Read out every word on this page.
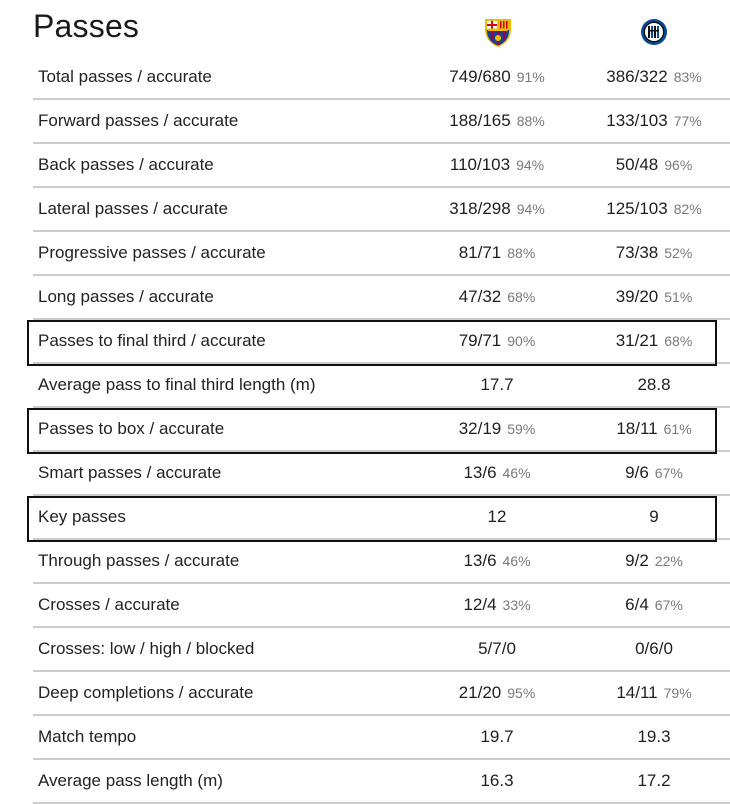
Passes
Total passes / accurate	749/680 91%	386/322 83%
Forward passes / accurate	188/165 88%	133/103 77%
Back passes / accurate	110/103 94%	50/48 96%
Lateral passes / accurate	318/298 94%	125/103 82%
Progressive passes / accurate	81/71 88%	73/38 52%
Long passes / accurate	47/32 68%	39/20 51%
Passes to final third / accurate	79/71 90%	31/21 68%
Average pass to final third length (m)	17.7	28.8
Passes to box / accurate	32/19 59%	18/11 61%
Smart passes / accurate	13/6 46%	9/6 67%
Key passes	12	9
Through passes / accurate	13/6 46%	9/2 22%
Crosses / accurate	12/4 33%	6/4 67%
Crosses: low / high / blocked	5/7/0	0/6/0
Deep completions / accurate	21/20 95%	14/11 79%
Match tempo	19.7	19.3
Average pass length (m)	16.3	17.2
